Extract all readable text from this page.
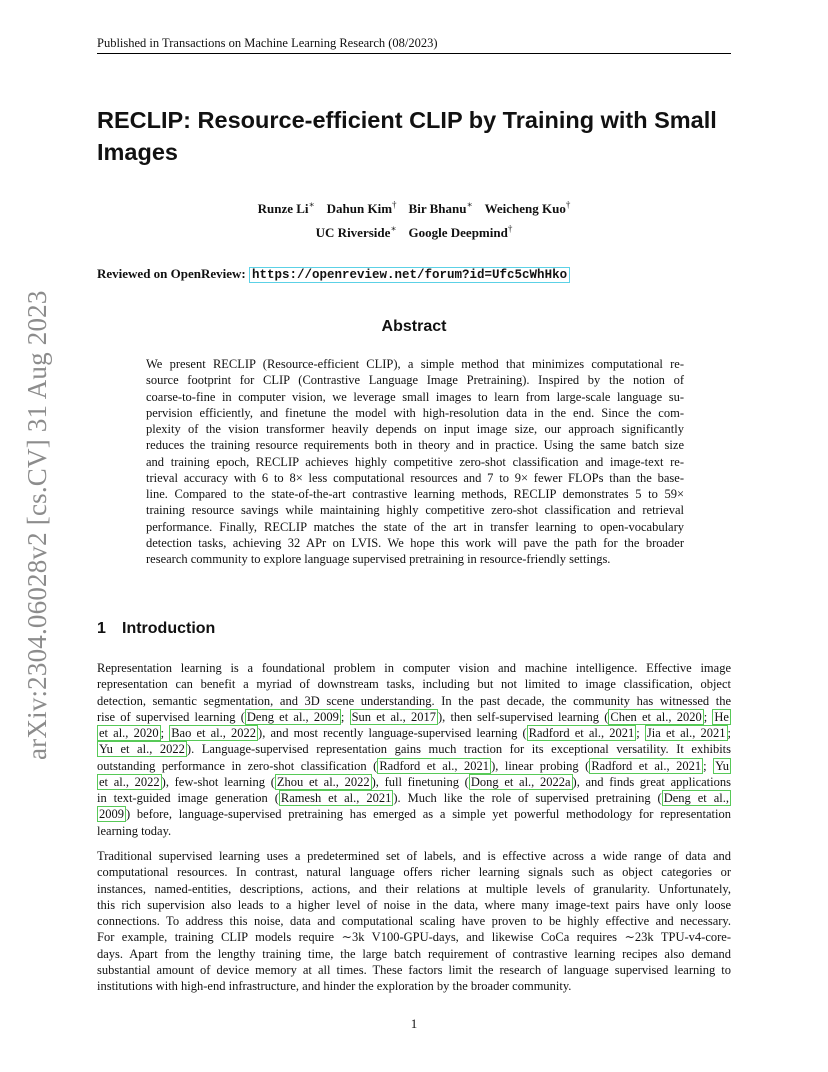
Published in Transactions on Machine Learning Research (08/2023)
arXiv:2304.06028v2 [cs.CV] 31 Aug 2023
RECLIP: Resource-efficient CLIP by Training with Small
Images
Runze Li∗ Dahun Kim† Bir Bhanu∗ Weicheng Kuo†
UC Riverside∗ Google Deepmind†
Reviewed on OpenReview: https://openreview.net/forum?id=Ufc5cWhHko
Abstract
We present RECLIP (Resource-efficient CLIP), a simple method that minimizes computational re-
source footprint for CLIP (Contrastive Language Image Pretraining). Inspired by the notion of
coarse-to-fine in computer vision, we leverage small images to learn from large-scale language su-
pervision efficiently, and finetune the model with high-resolution data in the end. Since the com-
plexity of the vision transformer heavily depends on input image size, our approach significantly
reduces the training resource requirements both in theory and in practice. Using the same batch size
and training epoch, RECLIP achieves highly competitive zero-shot classification and image-text re-
trieval accuracy with 6 to 8× less computational resources and 7 to 9× fewer FLOPs than the base-
line. Compared to the state-of-the-art contrastive learning methods, RECLIP demonstrates 5 to 59×
training resource savings while maintaining highly competitive zero-shot classification and retrieval
performance. Finally, RECLIP matches the state of the art in transfer learning to open-vocabulary
detection tasks, achieving 32 APr on LVIS. We hope this work will pave the path for the broader
research community to explore language supervised pretraining in resource-friendly settings.
1 Introduction
Representation learning is a foundational problem in computer vision and machine intelligence. Effective image
representation can benefit a myriad of downstream tasks, including but not limited to image classification, object
detection, semantic segmentation, and 3D scene understanding. In the past decade, the community has witnessed the
rise of supervised learning ( Deng et al., 2009 ; Sun et al., 2017 ), then self-supervised learning ( Chen et al., 2020 ; He
et al., 2020 ; Bao et al., 2022 ), and most recently language-supervised learning ( Radford et al., 2021 ; Jia et al., 2021 ;
Yu et al., 2022 ). Language-supervised representation gains much traction for its exceptional versatility. It exhibits
outstanding performance in zero-shot classification ( Radford et al., 2021 ), linear probing ( Radford et al., 2021 ; Yu
et al., 2022 ), few-shot learning ( Zhou et al., 2022 ), full finetuning ( Dong et al., 2022a ), and finds great applications
in text-guided image generation ( Ramesh et al., 2021 ). Much like the role of supervised pretraining ( Deng et al.,
2009 ) before, language-supervised pretraining has emerged as a simple yet powerful methodology for representation
learning today.
Traditional supervised learning uses a predetermined set of labels, and is effective across a wide range of data and
computational resources. In contrast, natural language offers richer learning signals such as object categories or
instances, named-entities, descriptions, actions, and their relations at multiple levels of granularity. Unfortunately,
this rich supervision also leads to a higher level of noise in the data, where many image-text pairs have only loose
connections. To address this noise, data and computational scaling have proven to be highly effective and necessary.
For example, training CLIP models require ∼3k V100-GPU-days, and likewise CoCa requires ∼23k TPU-v4-core-
days. Apart from the lengthy training time, the large batch requirement of contrastive learning recipes also demand
substantial amount of device memory at all times. These factors limit the research of language supervised learning to
institutions with high-end infrastructure, and hinder the exploration by the broader community.
1
